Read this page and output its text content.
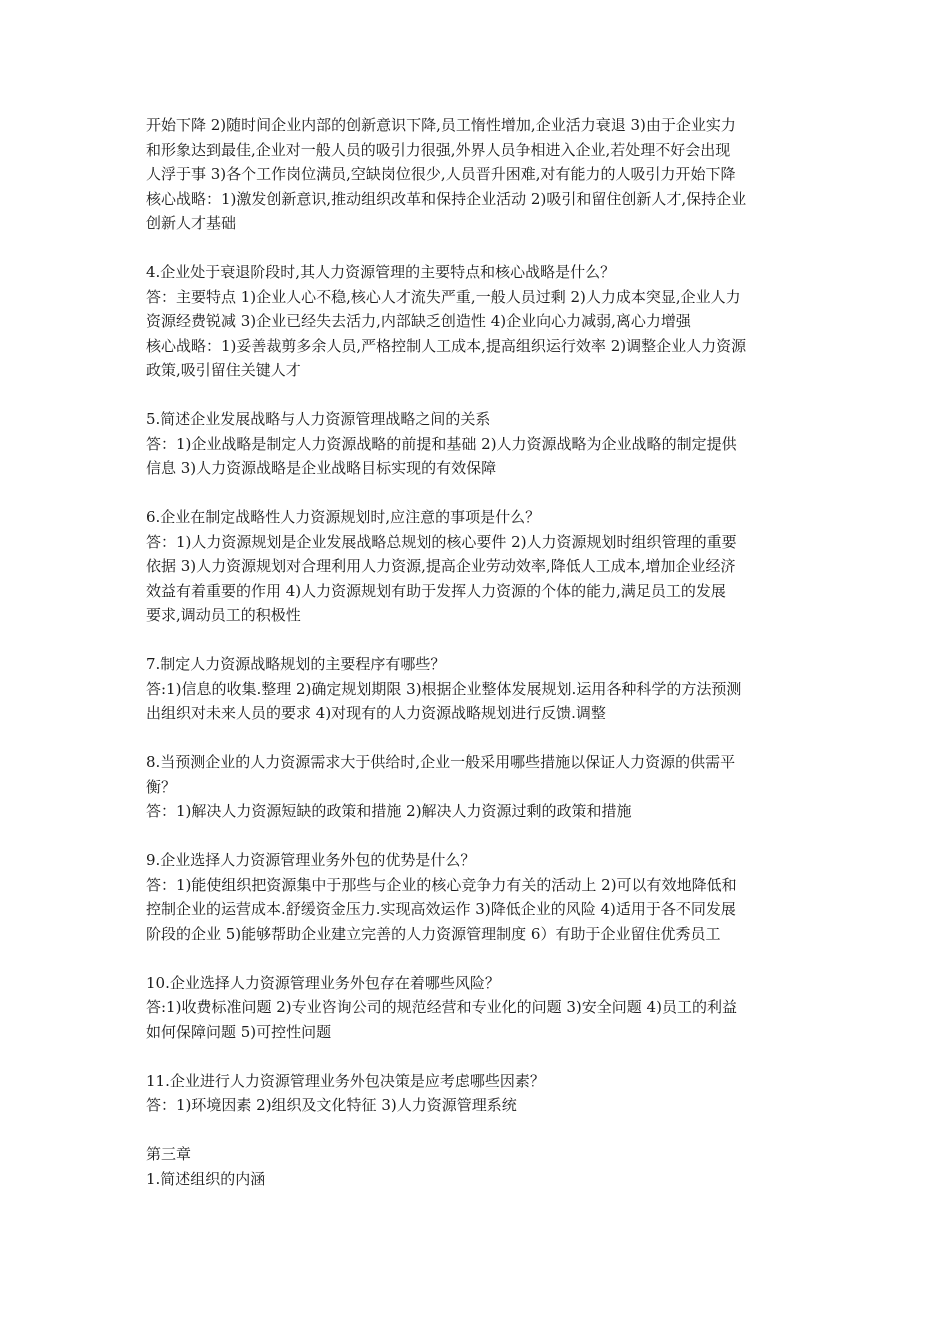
开始下降 2)随时间企业内部的创新意识下降,员工惰性增加,企业活力衰退 3)由于企业实力
和形象达到最佳,企业对一般人员的吸引力很强,外界人员争相进入企业,若处理不好会出现
人浮于事 3)各个工作岗位满员,空缺岗位很少,人员晋升困难,对有能力的人吸引力开始下降
核心战略：1)激发创新意识,推动组织改革和保持企业活动 2)吸引和留住创新人才,保持企业
创新人才基础
4.企业处于衰退阶段时,其人力资源管理的主要特点和核心战略是什么？
答：主要特点 1)企业人心不稳,核心人才流失严重,一般人员过剩 2)人力成本突显,企业人力
资源经费锐减 3)企业已经失去活力,内部缺乏创造性 4)企业向心力减弱,离心力增强
核心战略：1)妥善裁剪多余人员,严格控制人工成本,提高组织运行效率 2)调整企业人力资源
政策,吸引留住关键人才
5.简述企业发展战略与人力资源管理战略之间的关系
答：1)企业战略是制定人力资源战略的前提和基础 2)人力资源战略为企业战略的制定提供
信息 3)人力资源战略是企业战略目标实现的有效保障
6.企业在制定战略性人力资源规划时,应注意的事项是什么？
答：1)人力资源规划是企业发展战略总规划的核心要件 2)人力资源规划时组织管理的重要
依据 3)人力资源规划对合理利用人力资源,提高企业劳动效率,降低人工成本,增加企业经济
效益有着重要的作用 4)人力资源规划有助于发挥人力资源的个体的能力,满足员工的发展
要求,调动员工的积极性
7.制定人力资源战略规划的主要程序有哪些？
答:1)信息的收集.整理 2)确定规划期限 3)根据企业整体发展规划.运用各种科学的方法预测
出组织对未来人员的要求 4)对现有的人力资源战略规划进行反馈.调整
8.当预测企业的人力资源需求大于供给时,企业一般采用哪些措施以保证人力资源的供需平
衡？
答：1)解决人力资源短缺的政策和措施 2)解决人力资源过剩的政策和措施
9.企业选择人力资源管理业务外包的优势是什么？
答：1)能使组织把资源集中于那些与企业的核心竞争力有关的活动上 2)可以有效地降低和
控制企业的运营成本.舒缓资金压力.实现高效运作 3)降低企业的风险 4)适用于各不同发展
阶段的企业 5)能够帮助企业建立完善的人力资源管理制度 6）有助于企业留住优秀员工
10.企业选择人力资源管理业务外包存在着哪些风险？
答:1)收费标准问题 2)专业咨询公司的规范经营和专业化的问题 3)安全问题 4)员工的利益
如何保障问题 5)可控性问题
11.企业进行人力资源管理业务外包决策是应考虑哪些因素？
答：1)环境因素 2)组织及文化特征 3)人力资源管理系统
第三章
1.简述组织的内涵
